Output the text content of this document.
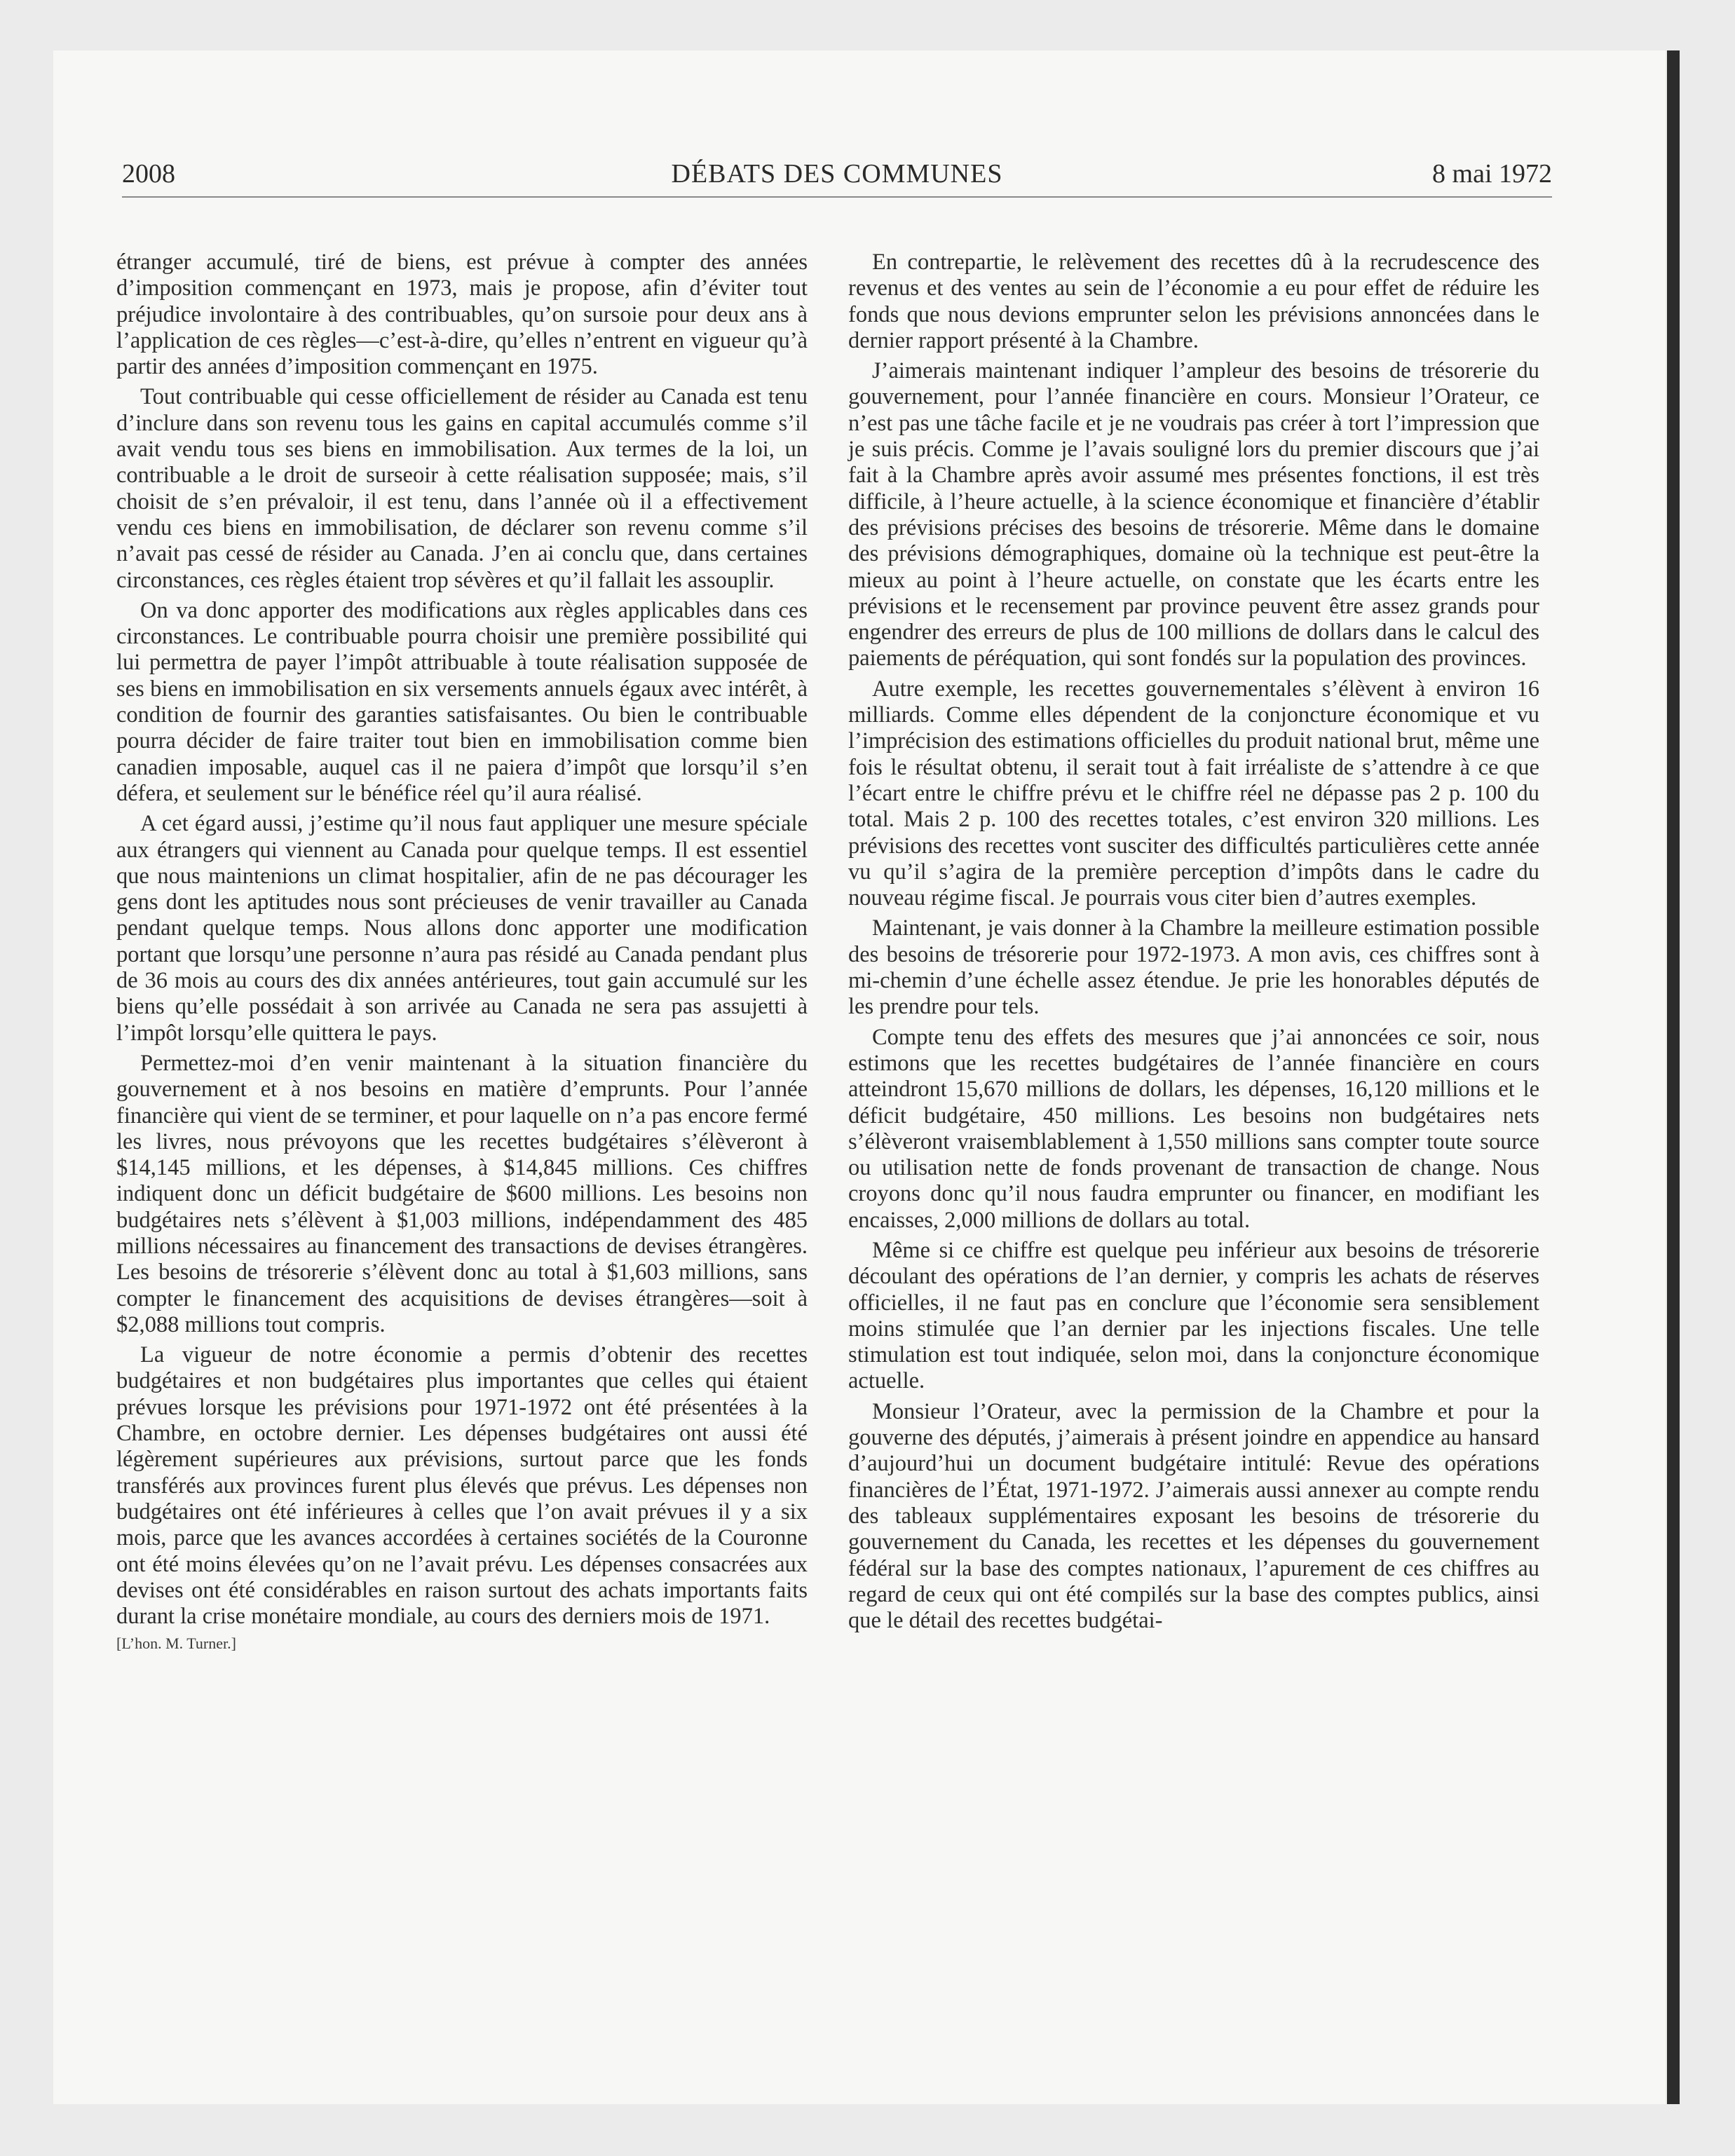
DÉBATS DES COMMUNES
2008	8 mai 1972

étranger accumulé, tiré de biens, est prévue à compter des années d’imposition commençant en 1973, mais je propose, afin d’éviter tout préjudice involontaire à des contribuables, qu’on sursoie pour deux ans à l’application de ces règles—c’est-à-dire, qu’elles n’entrent en vigueur qu’à partir des années d’imposition commençant en 1975.

Tout contribuable qui cesse officiellement de résider au Canada est tenu d’inclure dans son revenu tous les gains en capital accumulés comme s’il avait vendu tous ses biens en immobilisation. Aux termes de la loi, un contribuable a le droit de surseoir à cette réalisation supposée; mais, s’il choisit de s’en prévaloir, il est tenu, dans l’année où il a effectivement vendu ces biens en immobilisation, de déclarer son revenu comme s’il n’avait pas cessé de résider au Canada. J’en ai conclu que, dans certaines circonstances, ces règles étaient trop sévères et qu’il fallait les assouplir.

On va donc apporter des modifications aux règles applicables dans ces circonstances. Le contribuable pourra choisir une première possibilité qui lui permettra de payer l’impôt attribuable à toute réalisation supposée de ses biens en immobilisation en six versements annuels égaux avec intérêt, à condition de fournir des garanties satisfaisantes. Ou bien le contribuable pourra décider de faire traiter tout bien en immobilisation comme bien canadien imposable, auquel cas il ne paiera d’impôt que lorsqu’il s’en défera, et seulement sur le bénéfice réel qu’il aura réalisé.

A cet égard aussi, j’estime qu’il nous faut appliquer une mesure spéciale aux étrangers qui viennent au Canada pour quelque temps. Il est essentiel que nous maintenions un climat hospitalier, afin de ne pas décourager les gens dont les aptitudes nous sont précieuses de venir travailler au Canada pendant quelque temps. Nous allons donc apporter une modification portant que lorsqu’une personne n’aura pas résidé au Canada pendant plus de 36 mois au cours des dix années antérieures, tout gain accumulé sur les biens qu’elle possédait à son arrivée au Canada ne sera pas assujetti à l’impôt lorsqu’elle quittera le pays.

Permettez-moi d’en venir maintenant à la situation financière du gouvernement et à nos besoins en matière d’emprunts. Pour l’année financière qui vient de se terminer, et pour laquelle on n’a pas encore fermé les livres, nous prévoyons que les recettes budgétaires s’élèveront à $14,145 millions, et les dépenses, à $14,845 millions. Ces chiffres indiquent donc un déficit budgétaire de $600 millions. Les besoins non budgétaires nets s’élèvent à $1,003 millions, indépendamment des 485 millions nécessaires au financement des transactions de devises étrangères. Les besoins de trésorerie s’élèvent donc au total à $1,603 millions, sans compter le financement des acquisitions de devises étrangères—soit à $2,088 millions tout compris.

La vigueur de notre économie a permis d’obtenir des recettes budgétaires et non budgétaires plus importantes que celles qui étaient prévues lorsque les prévisions pour 1971-1972 ont été présentées à la Chambre, en octobre dernier. Les dépenses budgétaires ont aussi été légèrement supérieures aux prévisions, surtout parce que les fonds transférés aux provinces furent plus élevés que prévus. Les dépenses non budgétaires ont été inférieures à celles que l’on avait prévues il y a six mois, parce que les avances accordées à certaines sociétés de la Couronne ont été moins élevées qu’on ne l’avait prévu. Les dépenses consacrées aux devises ont été considérables en raison surtout des achats importants faits durant la crise monétaire mondiale, au cours des derniers mois de 1971.

[L’hon. M. Turner.]

En contrepartie, le relèvement des recettes dû à la recrudescence des revenus et des ventes au sein de l’économie a eu pour effet de réduire les fonds que nous devions emprunter selon les prévisions annoncées dans le dernier rapport présenté à la Chambre.

J’aimerais maintenant indiquer l’ampleur des besoins de trésorerie du gouvernement, pour l’année financière en cours. Monsieur l’Orateur, ce n’est pas une tâche facile et je ne voudrais pas créer à tort l’impression que je suis précis. Comme je l’avais souligné lors du premier discours que j’ai fait à la Chambre après avoir assumé mes présentes fonctions, il est très difficile, à l’heure actuelle, à la science économique et financière d’établir des prévisions précises des besoins de trésorerie. Même dans le domaine des prévisions démographiques, domaine où la technique est peut-être la mieux au point à l’heure actuelle, on constate que les écarts entre les prévisions et le recensement par province peuvent être assez grands pour engendrer des erreurs de plus de 100 millions de dollars dans le calcul des paiements de péréquation, qui sont fondés sur la population des provinces.

Autre exemple, les recettes gouvernementales s’élèvent à environ 16 milliards. Comme elles dépendent de la conjoncture économique et vu l’imprécision des estimations officielles du produit national brut, même une fois le résultat obtenu, il serait tout à fait irréaliste de s’attendre à ce que l’écart entre le chiffre prévu et le chiffre réel ne dépasse pas 2 p. 100 du total. Mais 2 p. 100 des recettes totales, c’est environ 320 millions. Les prévisions des recettes vont susciter des difficultés particulières cette année vu qu’il s’agira de la première perception d’impôts dans le cadre du nouveau régime fiscal. Je pourrais vous citer bien d’autres exemples.

Maintenant, je vais donner à la Chambre la meilleure estimation possible des besoins de trésorerie pour 1972-1973. A mon avis, ces chiffres sont à mi-chemin d’une échelle assez étendue. Je prie les honorables députés de les prendre pour tels.

Compte tenu des effets des mesures que j’ai annoncées ce soir, nous estimons que les recettes budgétaires de l’année financière en cours atteindront 15,670 millions de dollars, les dépenses, 16,120 millions et le déficit budgétaire, 450 millions. Les besoins non budgétaires nets s’élèveront vraisemblablement à 1,550 millions sans compter toute source ou utilisation nette de fonds provenant de transaction de change. Nous croyons donc qu’il nous faudra emprunter ou financer, en modifiant les encaisses, 2,000 millions de dollars au total.

Même si ce chiffre est quelque peu inférieur aux besoins de trésorerie découlant des opérations de l’an dernier, y compris les achats de réserves officielles, il ne faut pas en conclure que l’économie sera sensiblement moins stimulée que l’an dernier par les injections fiscales. Une telle stimulation est tout indiquée, selon moi, dans la conjoncture économique actuelle.

Monsieur l’Orateur, avec la permission de la Chambre et pour la gouverne des députés, j’aimerais à présent joindre en appendice au hansard d’aujourd’hui un document budgétaire intitulé: Revue des opérations financières de l’État, 1971-1972. J’aimerais aussi annexer au compte rendu des tableaux supplémentaires exposant les besoins de trésorerie du gouvernement du Canada, les recettes et les dépenses du gouvernement fédéral sur la base des comptes nationaux, l’apurement de ces chiffres au regard de ceux qui ont été compilés sur la base des comptes publics, ainsi que le détail des recettes budgétai-
